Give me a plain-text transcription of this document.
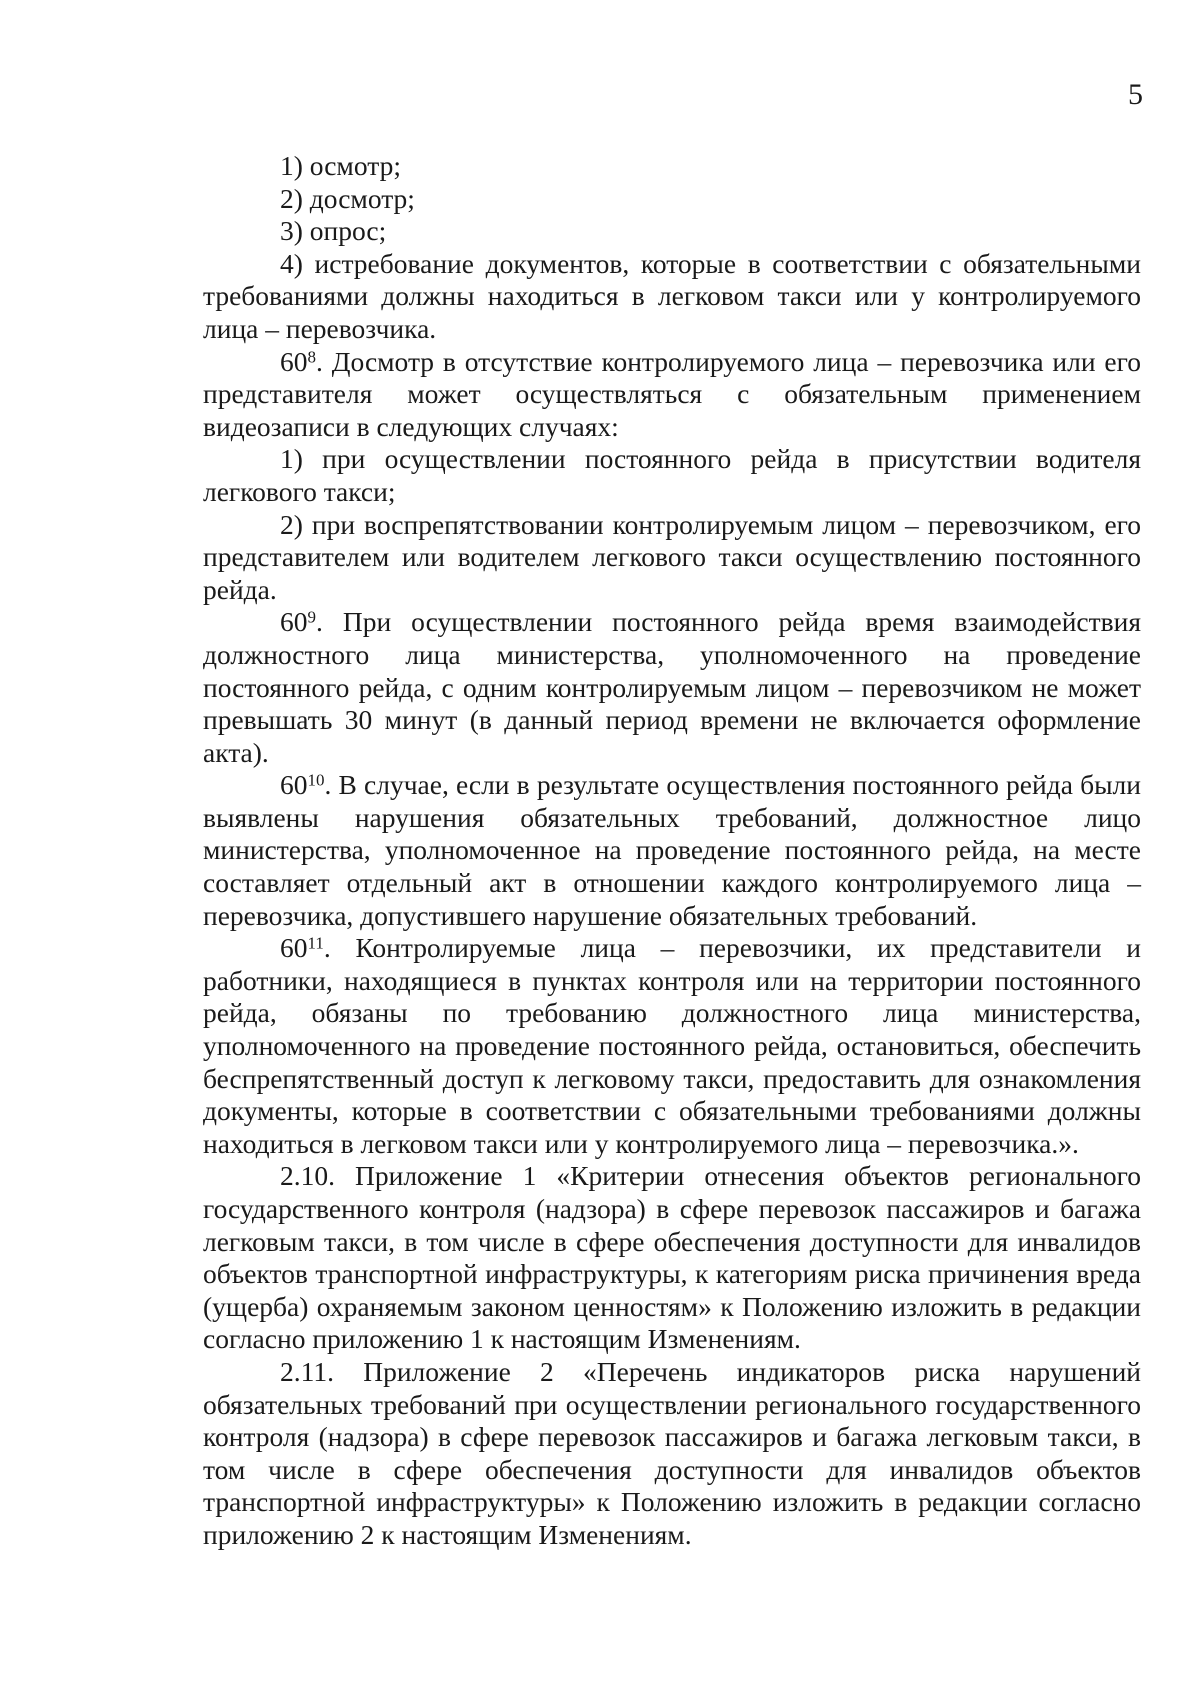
5

1) осмотр;

2) досмотр;

3) опрос;

4) истребование документов, которые в соответствии с обязательными требованиями должны находиться в легковом такси или у контролируемого лица – перевозчика.

$60^8$. Досмотр в отсутствие контролируемого лица – перевозчика или его представителя может осуществляться с обязательным применением видеозаписи в следующих случаях:

1) при осуществлении постоянного рейда в присутствии водителя легкового такси;

2) при воспрепятствовании контролируемым лицом – перевозчиком, его представителем или водителем легкового такси осуществлению постоянного рейда.

$60^9$. При осуществлении постоянного рейда время взаимодействия должностного лица министерства, уполномоченного на проведение постоянного рейда, с одним контролируемым лицом – перевозчиком не может превышать 30 минут (в данный период времени не включается оформление акта).

$60^{10}$. В случае, если в результате осуществления постоянного рейда были выявлены нарушения обязательных требований, должностное лицо министерства, уполномоченное на проведение постоянного рейда, на месте составляет отдельный акт в отношении каждого контролируемого лица – перевозчика, допустившего нарушение обязательных требований.

$60^{11}$. Контролируемые лица – перевозчики, их представители и работники, находящиеся в пунктах контроля или на территории постоянного рейда, обязаны по требованию должностного лица министерства, уполномоченного на проведение постоянного рейда, остановиться, обеспечить беспрепятственный доступ к легковому такси, предоставить для ознакомления документы, которые в соответствии с обязательными требованиями должны находиться в легковом такси или у контролируемого лица – перевозчика.».

2.10. Приложение 1 «Критерии отнесения объектов регионального государственного контроля (надзора) в сфере перевозок пассажиров и багажа легковым такси, в том числе в сфере обеспечения доступности для инвалидов объектов транспортной инфраструктуры, к категориям риска причинения вреда (ущерба) охраняемым законом ценностям» к Положению изложить в редакции согласно приложению 1 к настоящим Изменениям.

2.11. Приложение 2 «Перечень индикаторов риска нарушений обязательных требований при осуществлении регионального государственного контроля (надзора) в сфере перевозок пассажиров и багажа легковым такси, в том числе в сфере обеспечения доступности для инвалидов объектов транспортной инфраструктуры» к Положению изложить в редакции согласно приложению 2 к настоящим Изменениям.
